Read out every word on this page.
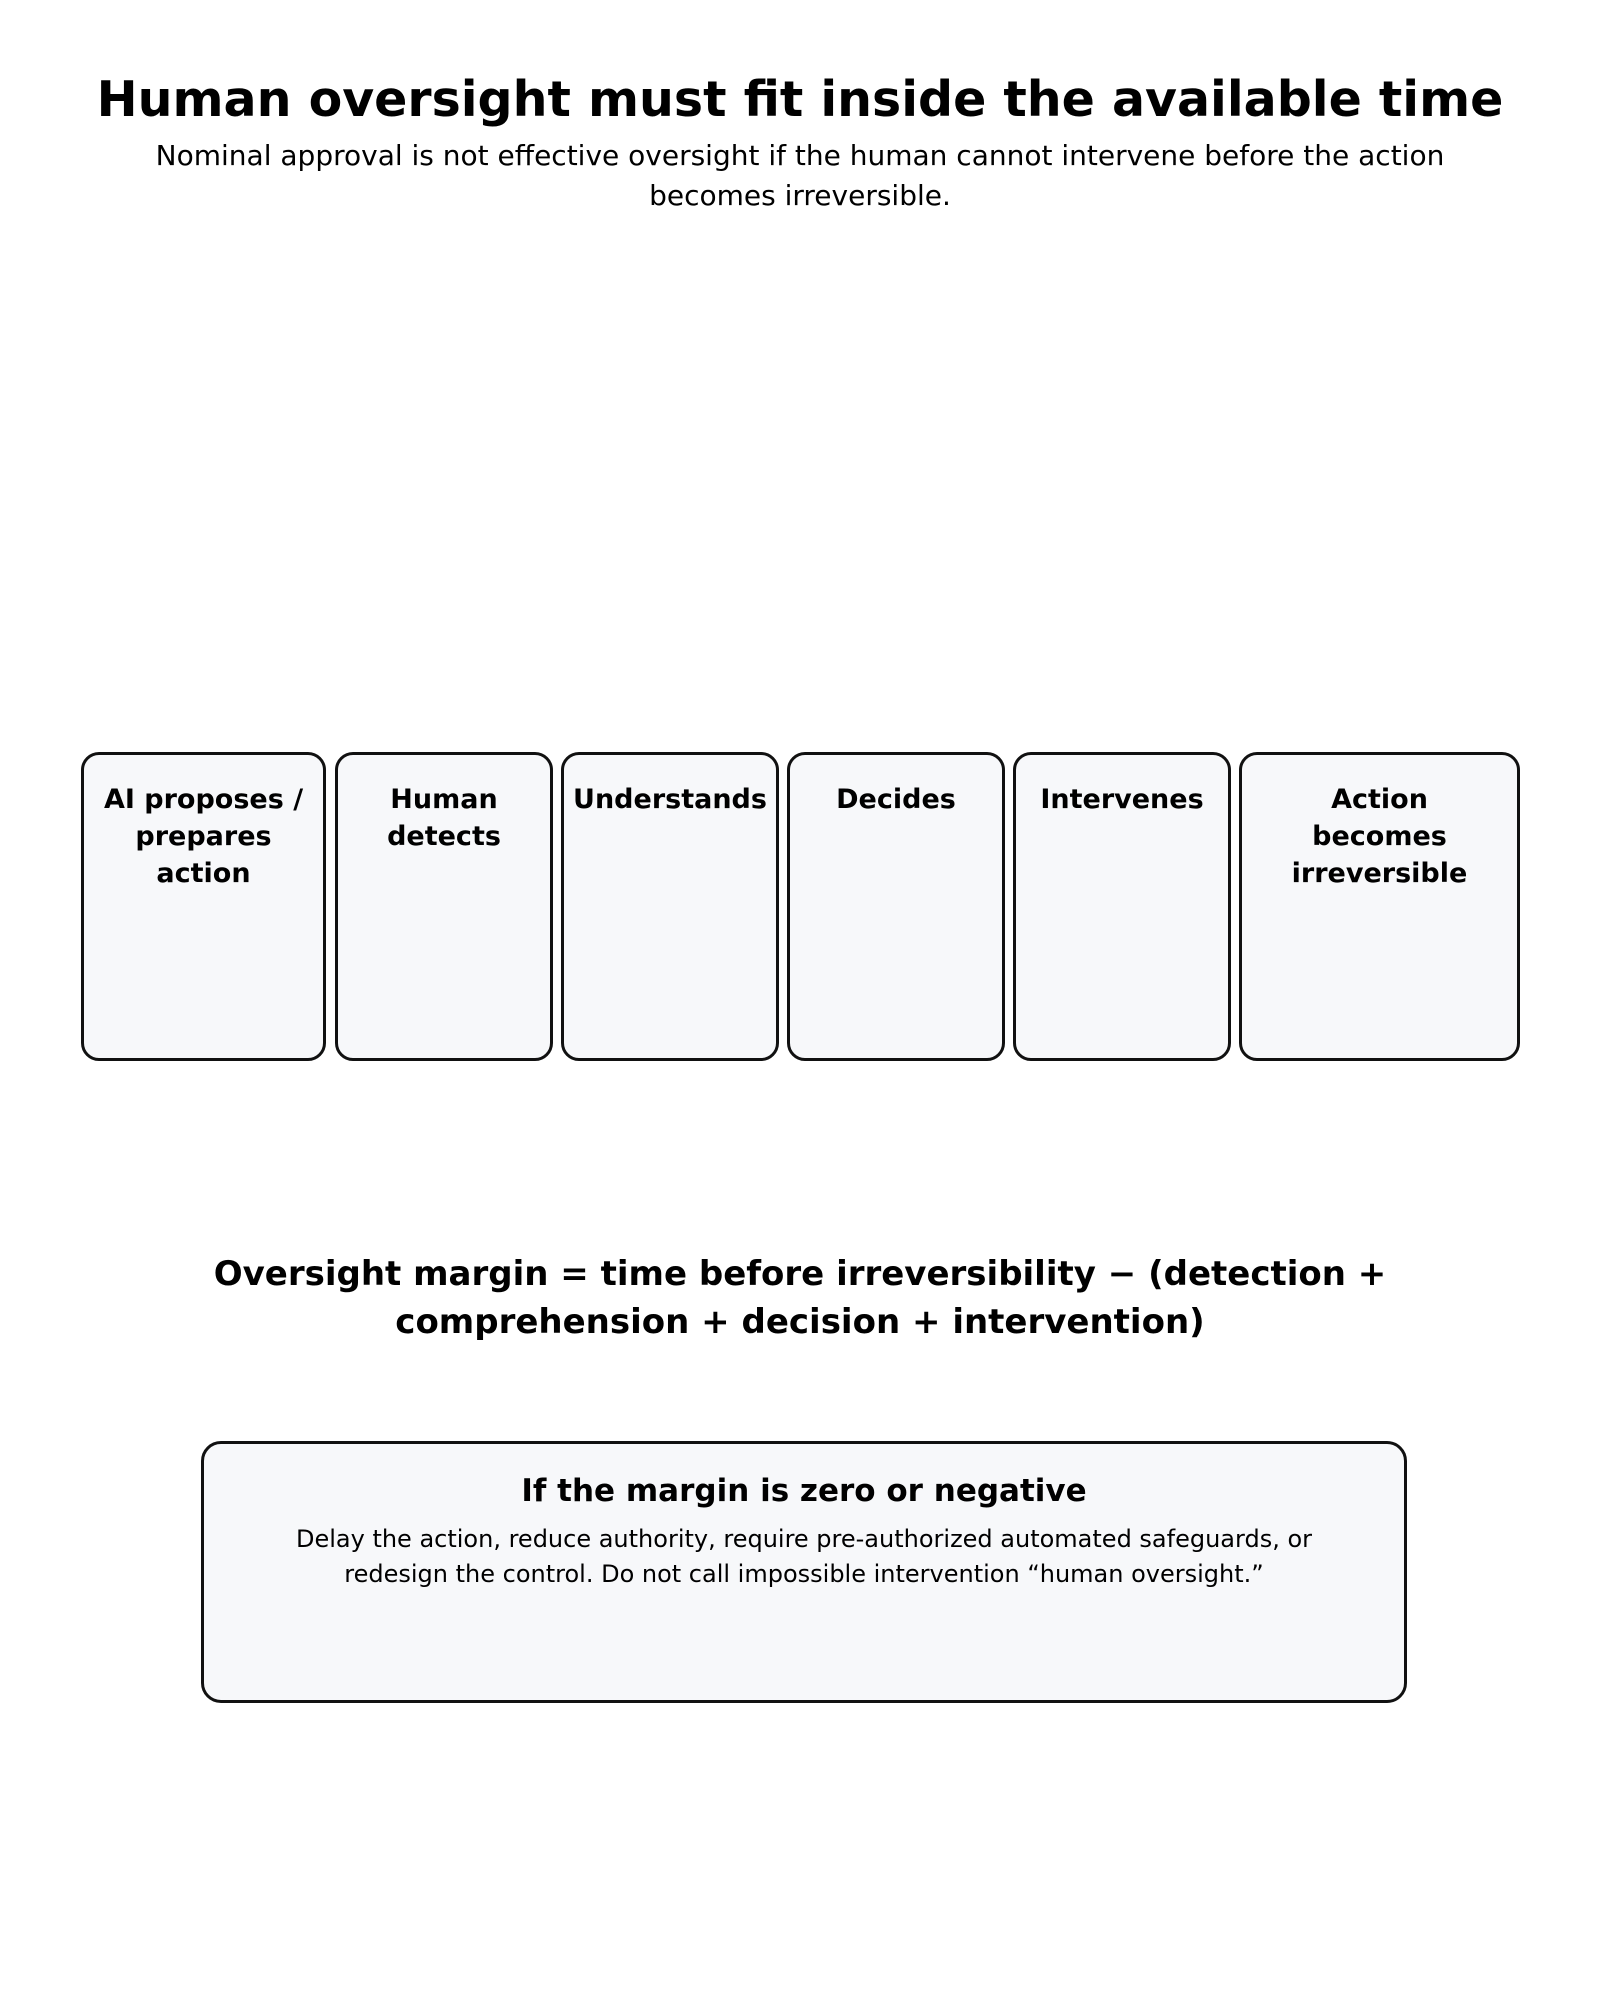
Human oversight must fit inside the available time
Nominal approval is not effective oversight if the human cannot intervene before the action becomes irreversible.
AI proposes / prepares action
Human detects
Understands	Decides	Intervenes	Action becomes irreversible
Oversight margin = time before irreversibility − (detection + comprehension + decision + intervention)
If the margin is zero or negative
Delay the action, reduce authority, require pre-authorized automated safeguards, or redesign the control. Do not call impossible intervention “human oversight.”
